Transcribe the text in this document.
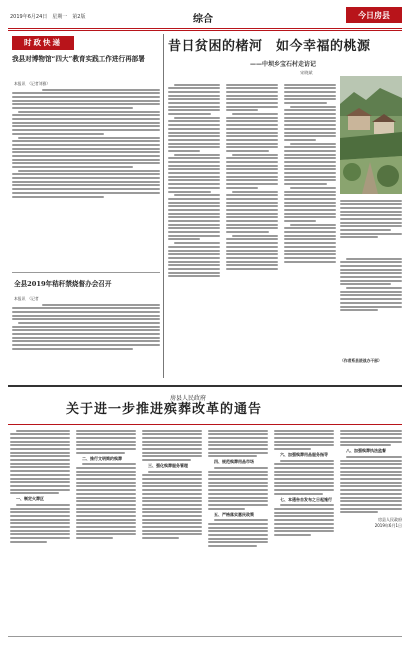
2019年6月24日　星期一　第2版	综合	今日房县
时政快递
我县对博物馆“四大”教育实践工作进行再部署
本报讯　（记者刘雅）
全县2019年秸秆禁烧督办会召开
本报讯　（记者　
昔日贫困的楮河　如今幸福的桃源
——中坝乡宝石村走访记
宋晓斌
（作者系县统战办干部）
房县人民政府
关于进一步推进殡葬改革的通告
一、制定火葬区
二、推行文明简约殡葬
三、强化殡葬服务管理
四、规范殡葬用品市场
五、严格落实惠民政策
六、加强殡葬用品服务指导
七、本通告自发布之日起施行
八、加强殡葬执法监督
房县人民政府
2019年6月1日
